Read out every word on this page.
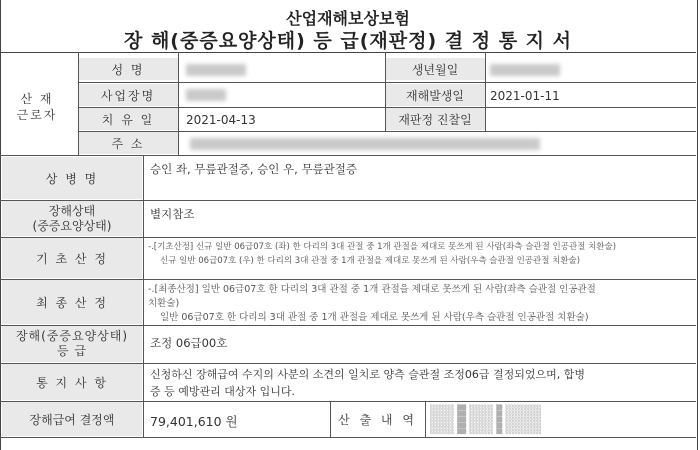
산업재해보상보험
장 해(중증요양상태) 등 급(재판정) 결 정 통 지 서
성 명
사업장명
치 유 일
주 소
생년월일
재해발생일
재판정 진찰일
산 재
근로자
2021-01-11
2021-04-13
상 병 명
장해상태
(중증요양상태)
기 초 산 정
최 종 산 정
장해(중증요양상태)
등 급
통 지 사 항
장해급여 결정액
승인 좌, 무릎관절증, 승인 우, 무릎관절증
별지참조
-.[기초산정] 신규 일반 06급07호 (좌) 한 다리의 3대 관절 중 1개 관절을 제대로 못쓰게 된 사람(좌측 슬관절 인공관절 치환술)
신규 일반 06급07호 (우) 한 다리의 3대 관절 중 1개 관절을 제대로 못쓰게 된 사람(우측 슬관절 인공관절 치환술)
-.[최종산정] 일반 06급07호 한 다리의 3대 관절 중 1개 관절을 제대로 못쓰게 된 사람(좌측 슬관절 인공관절
치환술)
일반 06급07호 한 다리의 3대 관절 중 1개 관절을 제대로 못쓰게 된 사람(우측 슬관절 인공관절 치환술)
조정 06급00호
신청하신 장해급여 수지의 사분의 소견의 일치로 양측 슬관절 조정06급 결정되었으며, 합병
증 등 예방관리 대상자 입니다.
79,401,610 원	산 출 내 역
░░░░░░░░ ▒▒▒ ░░░░░░░░ ▒▒ ░░░░░░░░░░░░
░░░░░░░░ ▒▒▒ ░░░░░░░░ ▒▒ ░░░░░░░░░░░░
░░░░░░░░ ▒▒▒ ░░░░░░░░ ▒▒ ░░░░░░░░░░░░
░░░░░░░░ ▒▒▒ ░░░░░░░░ ▒▒ ░░░░░░░░░░░░
░░░░░░░░ ▒▒▒ ░░░░░░░░ ▒▒ ░░░░░░░░░░░░
